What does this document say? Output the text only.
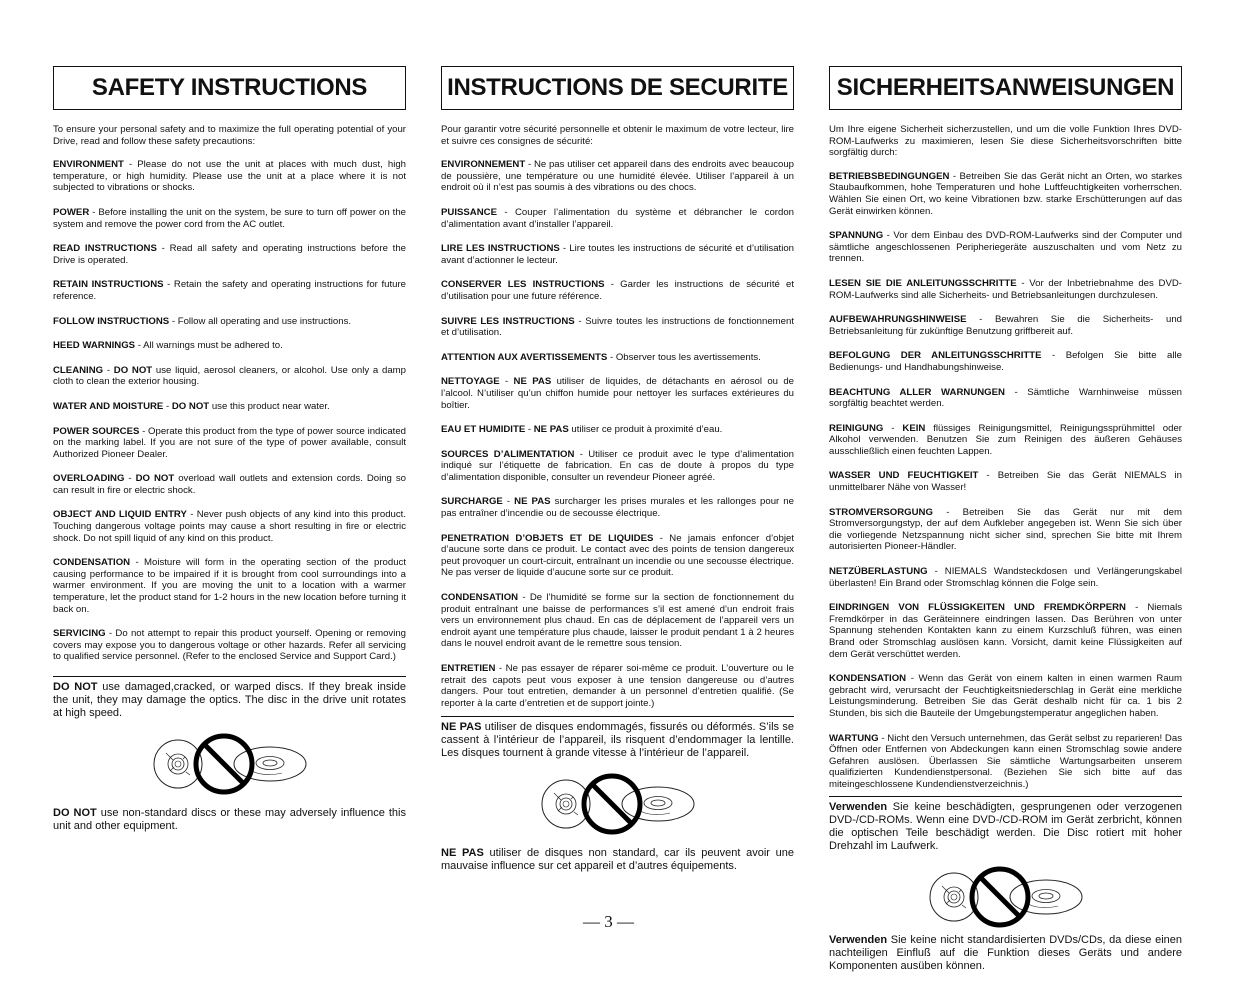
SAFETY INSTRUCTIONS

To ensure your personal safety and to maximize the full operating potential of your Drive, read and follow these safety precautions:

ENVIRONMENT - Please do not use the unit at places with much dust, high temperature, or high humidity. Please use the unit at a place where it is not subjected to vibrations or shocks.

POWER - Before installing the unit on the system, be sure to turn off power on the system and remove the power cord from the AC outlet.

READ INSTRUCTIONS - Read all safety and operating instructions before the Drive is operated.

RETAIN INSTRUCTIONS - Retain the safety and operating instructions for future reference.

FOLLOW INSTRUCTIONS - Follow all operating and use instructions.

HEED WARNINGS - All warnings must be adhered to.

CLEANING - DO NOT use liquid, aerosol cleaners, or alcohol. Use only a damp cloth to clean the exterior housing.

WATER AND MOISTURE - DO NOT use this product near water.

POWER SOURCES - Operate this product from the type of power source indicated on the marking label. If you are not sure of the type of power available, consult Authorized Pioneer Dealer.

OVERLOADING - DO NOT overload wall outlets and extension cords. Doing so can result in fire or electric shock.

OBJECT AND LIQUID ENTRY - Never push objects of any kind into this product. Touching dangerous voltage points may cause a short resulting in fire or electric shock. Do not spill liquid of any kind on this product.

CONDENSATION - Moisture will form in the operating section of the product causing performance to be impaired if it is brought from cool surroundings into a warmer environment. If you are moving the unit to a location with a warmer temperature, let the product stand for 1-2 hours in the new location before turning it back on.

SERVICING - Do not attempt to repair this product yourself. Opening or removing covers may expose you to dangerous voltage or other hazards. Refer all servicing to qualified service personnel. (Refer to the enclosed Service and Support Card.)

DO NOT use damaged,cracked, or warped discs. If they break inside the unit, they may damage the optics. The disc in the drive unit rotates at high speed.

DO NOT use non-standard discs or these may adversely influence this unit and other equipment.

INSTRUCTIONS DE SECURITE

Pour garantir votre sécurité personnelle et obtenir le maximum de votre lecteur, lire et suivre ces consignes de sécurité:

ENVIRONNEMENT - Ne pas utiliser cet appareil dans des endroits avec beaucoup de poussière, une température ou une humidité élevée. Utiliser l’appareil à un endroit où il n’est pas soumis à des vibrations ou des chocs.

PUISSANCE - Couper l’alimentation du système et débrancher le cordon d’alimentation avant d’installer l’appareil.

LIRE LES INSTRUCTIONS - Lire toutes les instructions de sécurité et d’utilisation avant d’actionner le lecteur.

CONSERVER LES INSTRUCTIONS - Garder les instructions de sécurité et d’utilisation pour une future référence.

SUIVRE LES INSTRUCTIONS - Suivre toutes les instructions de fonctionnement et d’utilisation.

ATTENTION AUX AVERTISSEMENTS - Observer tous les avertissements.

NETTOYAGE - NE PAS utiliser de liquides, de détachants en aérosol ou de l’alcool. N’utiliser qu’un chiffon humide pour nettoyer les surfaces extérieures du boîtier.

EAU ET HUMIDITE - NE PAS utiliser ce produit à proximité d’eau.

SOURCES D’ALIMENTATION - Utiliser ce produit avec le type d’alimentation indiqué sur l’étiquette de fabrication. En cas de doute à propos du type d’alimentation disponible, consulter un revendeur Pioneer agréé.

SURCHARGE - NE PAS surcharger les prises murales et les rallonges pour ne pas entraîner d’incendie ou de secousse électrique.

PENETRATION D’OBJETS ET DE LIQUIDES - Ne jamais enfoncer d’objet d’aucune sorte dans ce produit. Le contact avec des points de tension dangereux peut provoquer un court-circuit, entraînant un incendie ou une secousse électrique. Ne pas verser de liquide d’aucune sorte sur ce produit.

CONDENSATION - De l’humidité se forme sur la section de fonctionnement du produit entraînant une baisse de performances s’il est amené d’un endroit frais vers un environnement plus chaud. En cas de déplacement de l’appareil vers un endroit ayant une température plus chaude, laisser le produit pendant 1 à 2 heures dans le nouvel endroit avant de le remettre sous tension.

ENTRETIEN - Ne pas essayer de réparer soi-même ce produit. L’ouverture ou le retrait des capots peut vous exposer à une tension dangereuse ou d’autres dangers. Pour tout entretien, demander à un personnel d’entretien qualifié. (Se reporter à la carte d’entretien et de support jointe.)

NE PAS utiliser de disques endommagés, fissurés ou déformés. S’ils se cassent à l’intérieur de l’appareil, ils risquent d’endommager la lentille. Les disques tournent à grande vitesse à l’intérieur de l’appareil.

NE PAS utiliser de disques non standard, car ils peuvent avoir une mauvaise influence sur cet appareil et d’autres équipements.

SICHERHEITSANWEISUNGEN

Um Ihre eigene Sicherheit sicherzustellen, und um die volle Funktion Ihres DVD-ROM-Laufwerks zu maximieren, lesen Sie diese Sicherheitsvorschriften bitte sorgfältig durch:

BETRIEBSBEDINGUNGEN - Betreiben Sie das Gerät nicht an Orten, wo starkes Staubaufkommen, hohe Temperaturen und hohe Luftfeuchtigkeiten vorherrschen. Wählen Sie einen Ort, wo keine Vibrationen bzw. starke Erschütterungen auf das Gerät einwirken können.

SPANNUNG - Vor dem Einbau des DVD-ROM-Laufwerks sind der Computer und sämtliche angeschlossenen Peripheriegeräte auszuschalten und vom Netz zu trennen.

LESEN SIE DIE ANLEITUNGSSCHRITTE - Vor der Inbetriebnahme des DVD-ROM-Laufwerks sind alle Sicherheits- und Betriebsanleitungen durchzulesen.

AUFBEWAHRUNGSHINWEISE - Bewahren Sie die Sicherheits- und Betriebsanleitung für zukünftige Benutzung griffbereit auf.

BEFOLGUNG DER ANLEITUNGSSCHRITTE - Befolgen Sie bitte alle Bedienungs- und Handhabungshinweise.

BEACHTUNG ALLER WARNUNGEN - Sämtliche Warnhinweise müssen sorgfältig beachtet werden.

REINIGUNG - KEIN flüssiges Reinigungsmittel, Reinigungssprühmittel oder Alkohol verwenden. Benutzen Sie zum Reinigen des äußeren Gehäuses ausschließlich einen feuchten Lappen.

WASSER UND FEUCHTIGKEIT - Betreiben Sie das Gerät NIEMALS in unmittelbarer Nähe von Wasser!

STROMVERSORGUNG - Betreiben Sie das Gerät nur mit dem Stromversorgungstyp, der auf dem Aufkleber angegeben ist. Wenn Sie sich über die vorliegende Netzspannung nicht sicher sind, sprechen Sie bitte mit Ihrem autorisierten Pioneer-Händler.

NETZÜBERLASTUNG - NIEMALS Wandsteckdosen und Verlängerungskabel überlasten! Ein Brand oder Stromschlag können die Folge sein.

EINDRINGEN VON FLÜSSIGKEITEN UND FREMDKÖRPERN - Niemals Fremdkörper in das Geräteinnere eindringen lassen. Das Berühren von unter Spannung stehenden Kontakten kann zu einem Kurzschluß führen, was einen Brand oder Stromschlag auslösen kann. Vorsicht, damit keine Flüssigkeiten auf dem Gerät verschüttet werden.

KONDENSATION - Wenn das Gerät von einem kalten in einen warmen Raum gebracht wird, verursacht der Feuchtigkeitsniederschlag in Gerät eine merkliche Leistungsminderung. Betreiben Sie das Gerät deshalb nicht für ca. 1 bis 2 Stunden, bis sich die Bauteile der Umgebungstemperatur angeglichen haben.

WARTUNG - Nicht den Versuch unternehmen, das Gerät selbst zu reparieren! Das Öffnen oder Entfernen von Abdeckungen kann einen Stromschlag sowie andere Gefahren auslösen. Überlassen Sie sämtliche Wartungsarbeiten unserem qualifizierten Kundendienstpersonal. (Beziehen Sie sich bitte auf das miteingeschlossene Kundendienstverzeichnis.)

Verwenden Sie keine beschädigten, gesprungenen oder verzogenen DVD-/CD-ROMs. Wenn eine DVD-/CD-ROM im Gerät zerbricht, können die optischen Teile beschädigt werden. Die Disc rotiert mit hoher Drehzahl im Laufwerk.

Verwenden Sie keine nicht standardisierten DVDs/CDs, da diese einen nachteiligen Einfluß auf die Funktion dieses Geräts und andere Komponenten ausüben können.

— 3 —
